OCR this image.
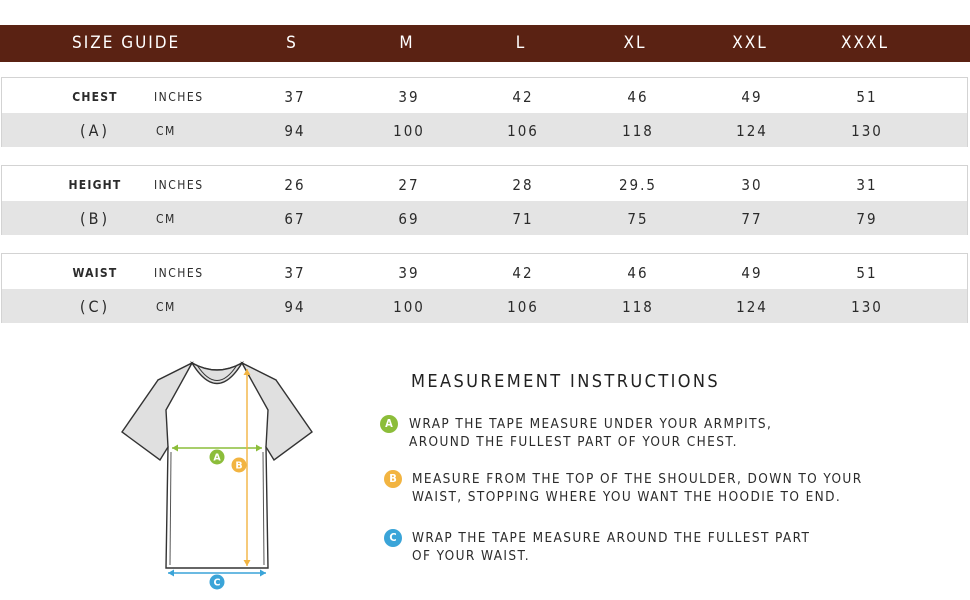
SIZE GUIDE	S	M	L	XL	XXL	XXXL
CHEST	INCHES	37	39	42	46	49	51
(A)	CM	94	100	106	118	124	130
HEIGHT	INCHES	26	27	28	29.5	30	31
(B)	CM	67	69	71	75	77	79
WAIST	INCHES	37	39	42	46	49	51
(C)	CM	94	100	106	118	124	130
A
B
C
MEASUREMENT INSTRUCTIONS
A	WRAP THE TAPE MEASURE UNDER YOUR ARMPITS,
AROUND THE FULLEST PART OF YOUR CHEST.
B	MEASURE FROM THE TOP OF THE SHOULDER, DOWN TO YOUR
WAIST, STOPPING WHERE YOU WANT THE HOODIE TO END.
C	WRAP THE TAPE MEASURE AROUND THE FULLEST PART
OF YOUR WAIST.
